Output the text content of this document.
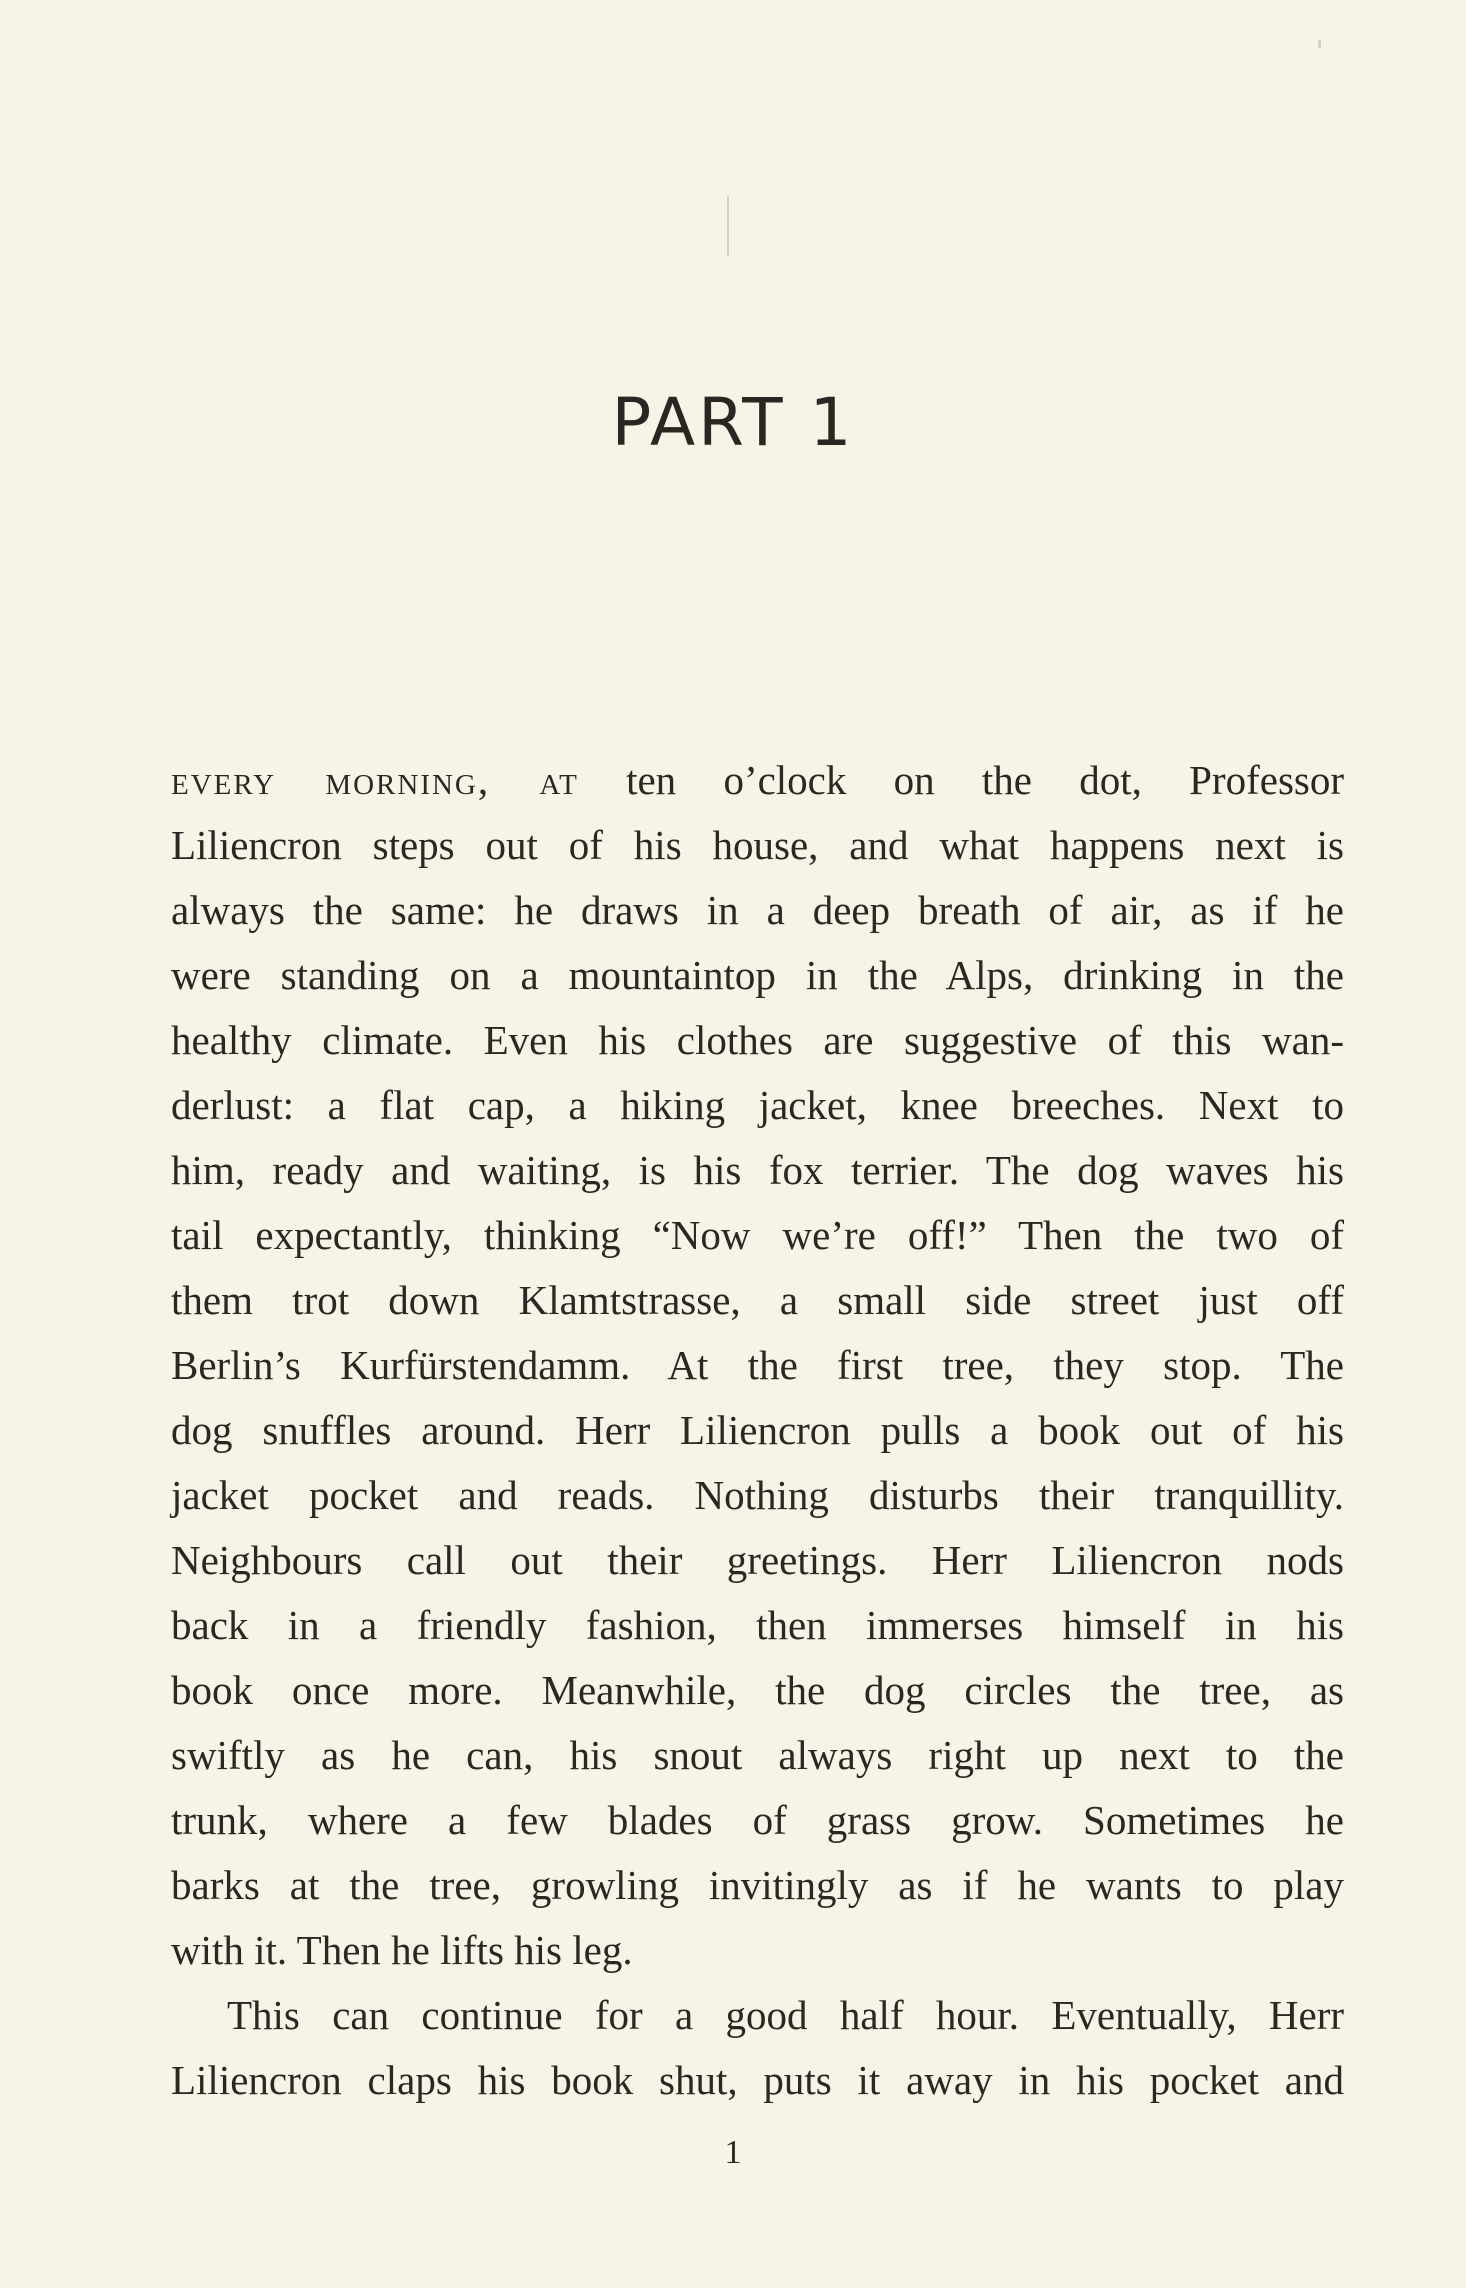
PART 1
every morning, at ten o’clock on the dot, Professor
Liliencron steps out of his house, and what happens next is
always the same: he draws in a deep breath of air, as if he
were standing on a mountaintop in the Alps, drinking in the
healthy climate. Even his clothes are suggestive of this wan-
derlust: a flat cap, a hiking jacket, knee breeches. Next to
him, ready and waiting, is his fox terrier. The dog waves his
tail expectantly, thinking “Now we’re off!” Then the two of
them trot down Klamtstrasse, a small side street just off
Berlin’s Kurfürstendamm. At the first tree, they stop. The
dog snuffles around. Herr Liliencron pulls a book out of his
jacket pocket and reads. Nothing disturbs their tranquillity.
Neighbours call out their greetings. Herr Liliencron nods
back in a friendly fashion, then immerses himself in his
book once more. Meanwhile, the dog circles the tree, as
swiftly as he can, his snout always right up next to the
trunk, where a few blades of grass grow. Sometimes he
barks at the tree, growling invitingly as if he wants to play
with it. Then he lifts his leg.
This can continue for a good half hour. Eventually, Herr
Liliencron claps his book shut, puts it away in his pocket and
1
